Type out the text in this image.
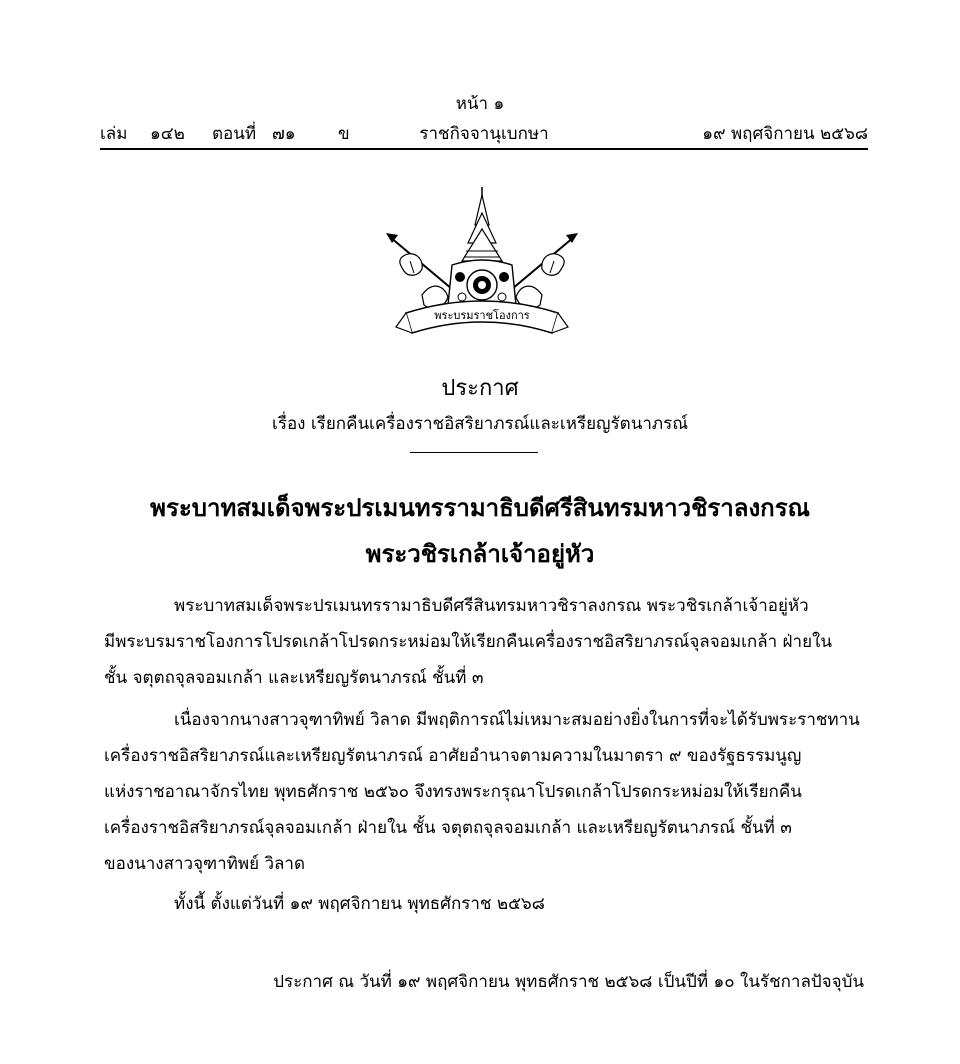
หน้า ๑
เล่ม ๑๔๒ ตอนที่ ๗๑ ข	ราชกิจจานุเบกษา	๑๙ พฤศจิกายน ๒๕๖๘
พระบรมราชโองการ
ประกาศ
เรื่อง เรียกคืนเครื่องราชอิสริยาภรณ์และเหรียญรัตนาภรณ์
พระบาทสมเด็จพระปรเมนทรรามาธิบดีศรีสินทรมหาวชิราลงกรณ
พระวชิรเกล้าเจ้าอยู่หัว
พระบาทสมเด็จพระปรเมนทรรามาธิบดีศรีสินทรมหาวชิราลงกรณ พระวชิรเกล้าเจ้าอยู่หัว
มีพระบรมราชโองการโปรดเกล้าโปรดกระหม่อมให้เรียกคืนเครื่องราชอิสริยาภรณ์จุลจอมเกล้า ฝ่ายใน
ชั้น จตุตถจุลจอมเกล้า และเหรียญรัตนาภรณ์ ชั้นที่ ๓
เนื่องจากนางสาวจุฑาทิพย์ วิลาด มีพฤติการณ์ไม่เหมาะสมอย่างยิ่งในการที่จะได้รับพระราชทาน
เครื่องราชอิสริยาภรณ์และเหรียญรัตนาภรณ์ อาศัยอำนาจตามความในมาตรา ๙ ของรัฐธรรมนูญ
แห่งราชอาณาจักรไทย พุทธศักราช ๒๕๖๐ จึงทรงพระกรุณาโปรดเกล้าโปรดกระหม่อมให้เรียกคืน
เครื่องราชอิสริยาภรณ์จุลจอมเกล้า ฝ่ายใน ชั้น จตุตถจุลจอมเกล้า และเหรียญรัตนาภรณ์ ชั้นที่ ๓
ของนางสาวจุฑาทิพย์ วิลาด
ทั้งนี้ ตั้งแต่วันที่ ๑๙ พฤศจิกายน พุทธศักราช ๒๕๖๘
ประกาศ ณ วันที่ ๑๙ พฤศจิกายน พุทธศักราช ๒๕๖๘ เป็นปีที่ ๑๐ ในรัชกาลปัจจุบัน
